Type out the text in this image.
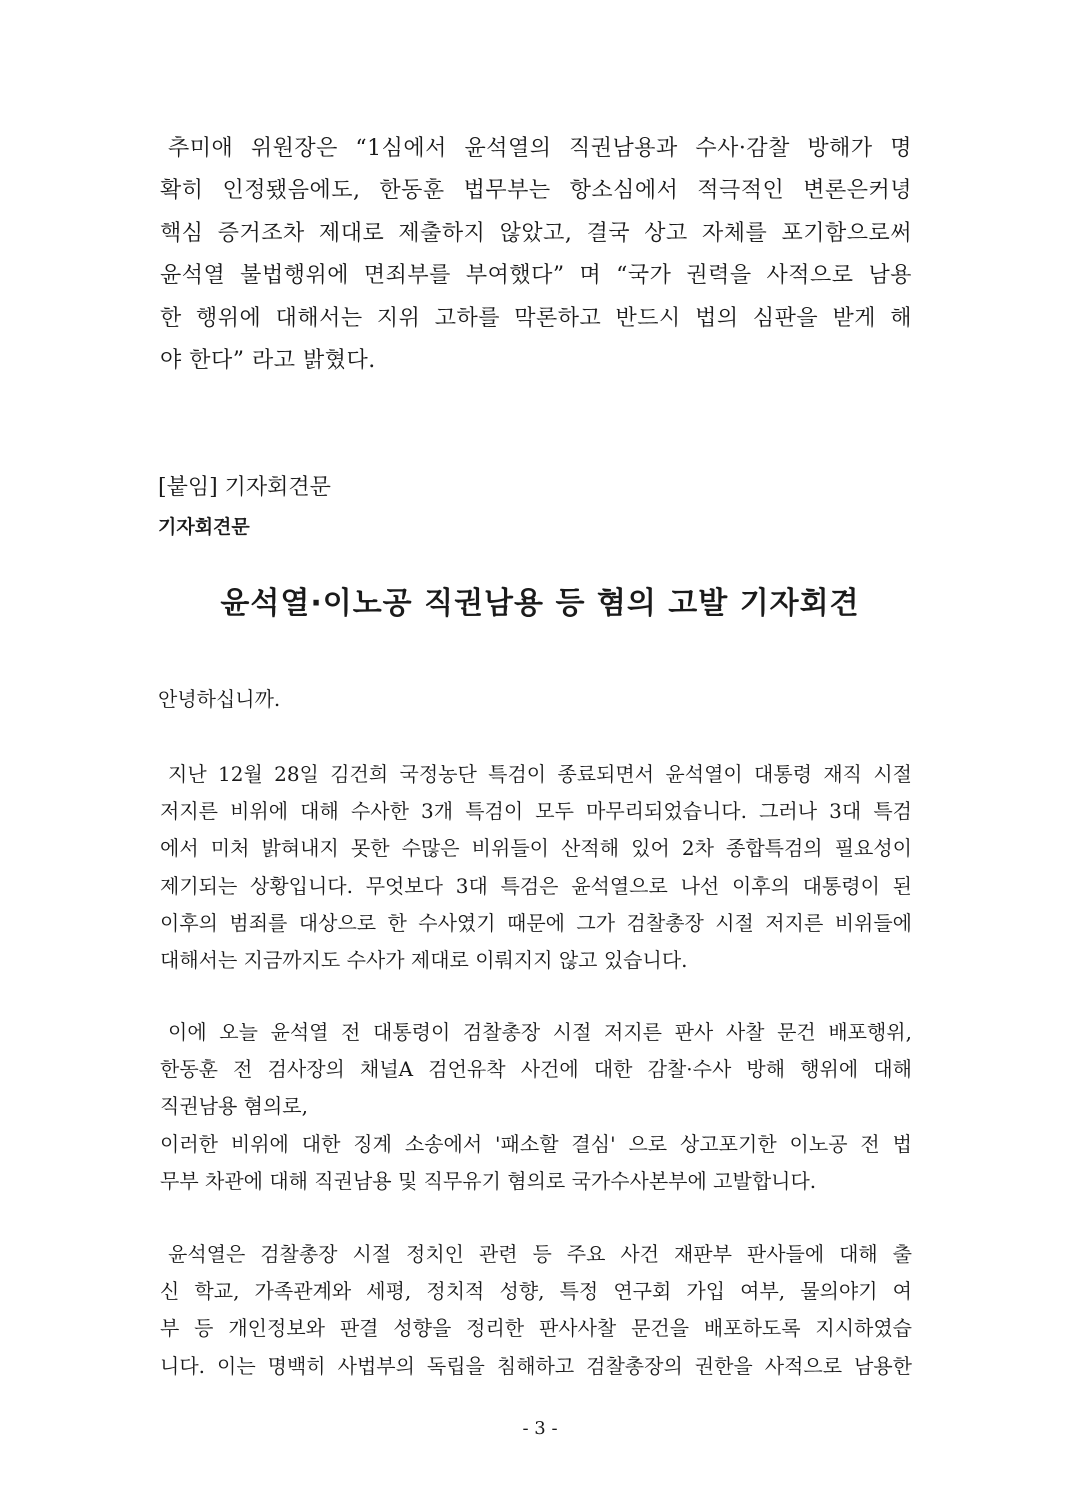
추미애 위원장은 “1심에서 윤석열의 직권남용과 수사·감찰 방해가 명
확히 인정됐음에도, 한동훈 법무부는 항소심에서 적극적인 변론은커녕
핵심 증거조차 제대로 제출하지 않았고, 결국 상고 자체를 포기함으로써
윤석열 불법행위에 면죄부를 부여했다” 며 “국가 권력을 사적으로 남용
한 행위에 대해서는 지위 고하를 막론하고 반드시 법의 심판을 받게 해
야 한다” 라고 밝혔다.
[붙임] 기자회견문
기자회견문
윤석열·이노공 직권남용 등 혐의 고발 기자회견
안녕하십니까.
지난 12월 28일 김건희 국정농단 특검이 종료되면서 윤석열이 대통령 재직 시절
저지른 비위에 대해 수사한 3개 특검이 모두 마무리되었습니다. 그러나 3대 특검
에서 미처 밝혀내지 못한 수많은 비위들이 산적해 있어 2차 종합특검의 필요성이
제기되는 상황입니다. 무엇보다 3대 특검은 윤석열으로 나선 이후의 대통령이 된
이후의 범죄를 대상으로 한 수사였기 때문에 그가 검찰총장 시절 저지른 비위들에
대해서는 지금까지도 수사가 제대로 이뤄지지 않고 있습니다.
이에 오늘 윤석열 전 대통령이 검찰총장 시절 저지른 판사 사찰 문건 배포행위,
한동훈 전 검사장의 채널A 검언유착 사건에 대한 감찰·수사 방해 행위에 대해
직권남용 혐의로,
이러한 비위에 대한 징계 소송에서 '패소할 결심' 으로 상고포기한 이노공 전 법
무부 차관에 대해 직권남용 및 직무유기 혐의로 국가수사본부에 고발합니다.
윤석열은 검찰총장 시절 정치인 관련 등 주요 사건 재판부 판사들에 대해 출
신 학교, 가족관계와 세평, 정치적 성향, 특정 연구회 가입 여부, 물의야기 여
부 등 개인정보와 판결 성향을 정리한 판사사찰 문건을 배포하도록 지시하였습
니다. 이는 명백히 사법부의 독립을 침해하고 검찰총장의 권한을 사적으로 남용한
- 3 -
